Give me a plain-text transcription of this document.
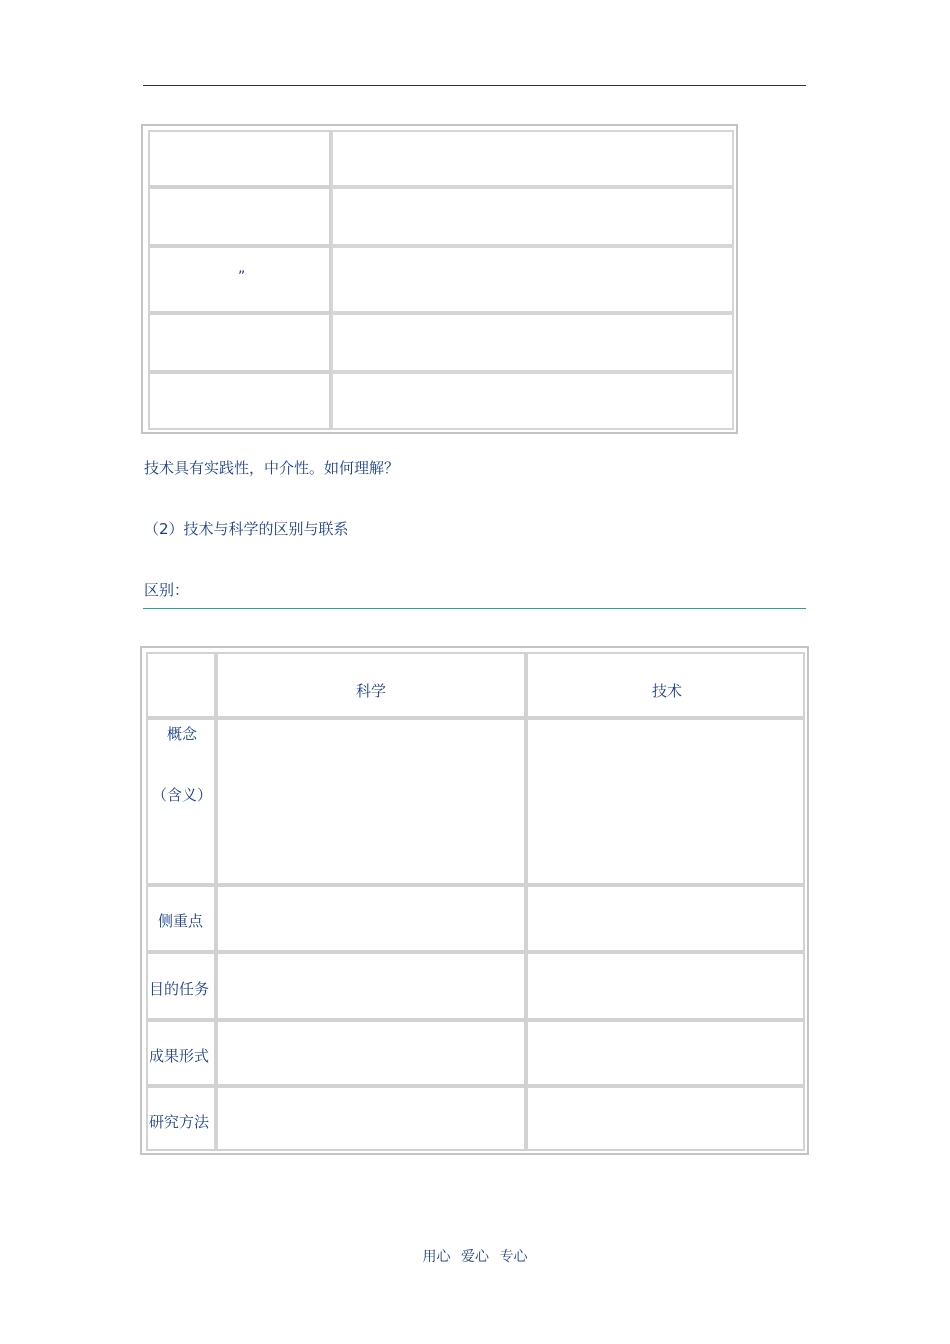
”
技术具有实践性，中介性。如何理解？
（2）技术与科学的区别与联系
区别：
科学	技术
概念
（含义）
侧重点
目的任务
成果形式
研究方法
用心 爱心 专心
